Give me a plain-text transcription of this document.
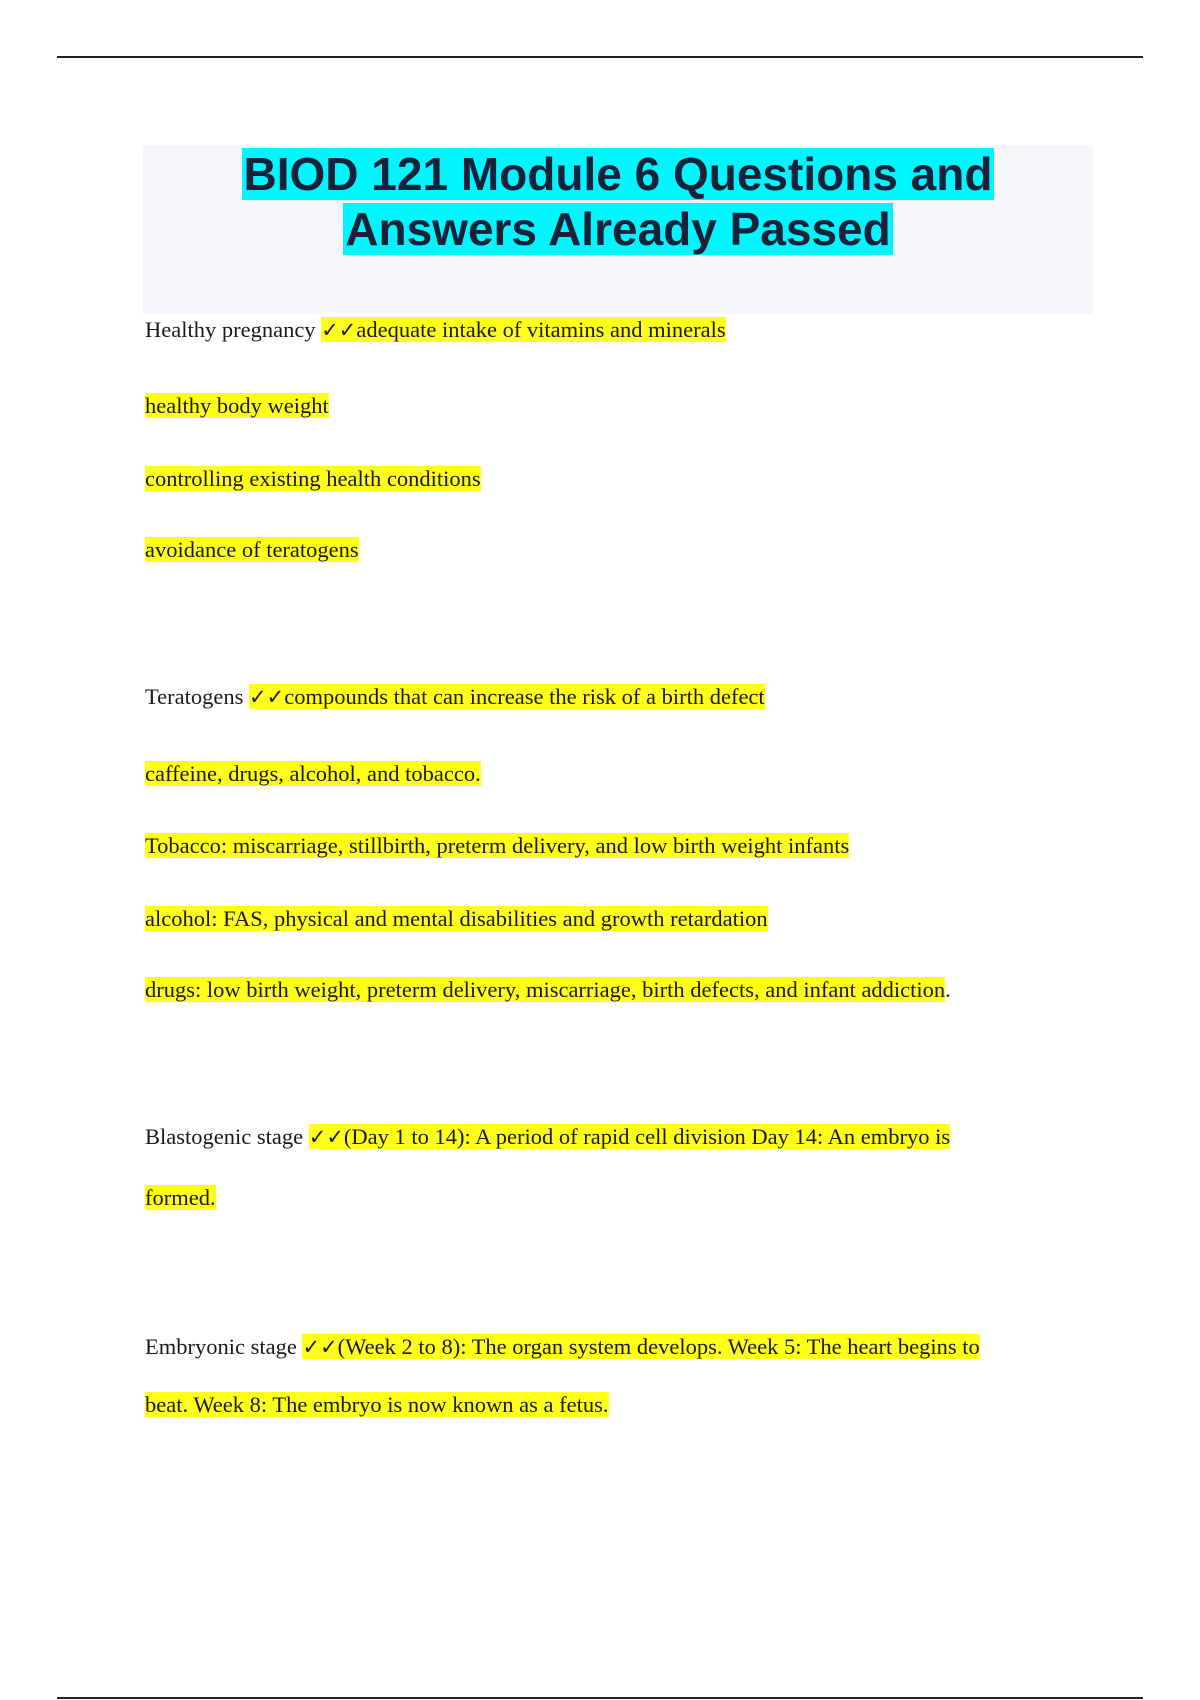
BIOD 121 Module 6 Questions and
Answers Already Passed

Healthy pregnancy ✓✓adequate intake of vitamins and minerals

healthy body weight

controlling existing health conditions

avoidance of teratogens

Teratogens ✓✓compounds that can increase the risk of a birth defect

caffeine, drugs, alcohol, and tobacco.

Tobacco: miscarriage, stillbirth, preterm delivery, and low birth weight infants

alcohol: FAS, physical and mental disabilities and growth retardation

drugs: low birth weight, preterm delivery, miscarriage, birth defects, and infant addiction.

Blastogenic stage ✓✓(Day 1 to 14): A period of rapid cell division Day 14: An embryo is

formed.

Embryonic stage ✓✓(Week 2 to 8): The organ system develops. Week 5: The heart begins to

beat. Week 8: The embryo is now known as a fetus.
